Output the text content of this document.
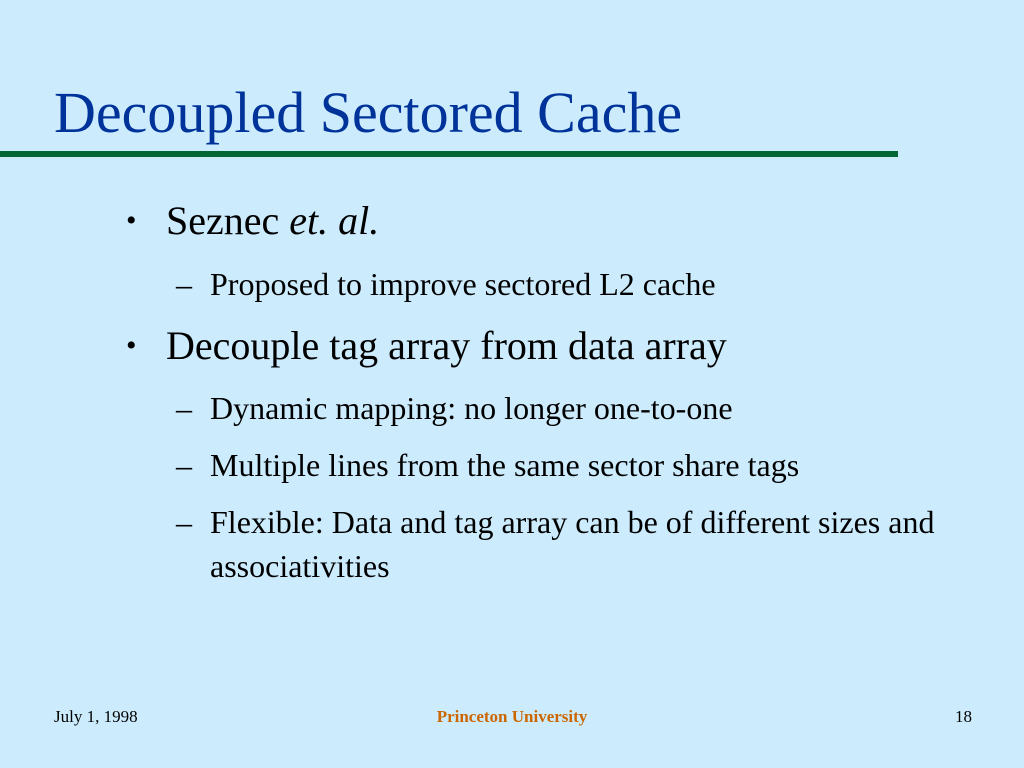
Decoupled Sectored Cache
• Seznec et. al.
– Proposed to improve sectored L2 cache
• Decouple tag array from data array
– Dynamic mapping: no longer one-to-one
– Multiple lines from the same sector share tags
– Flexible: Data and tag array can be of different sizes and associativities
July 1, 1998	Princeton University	18
